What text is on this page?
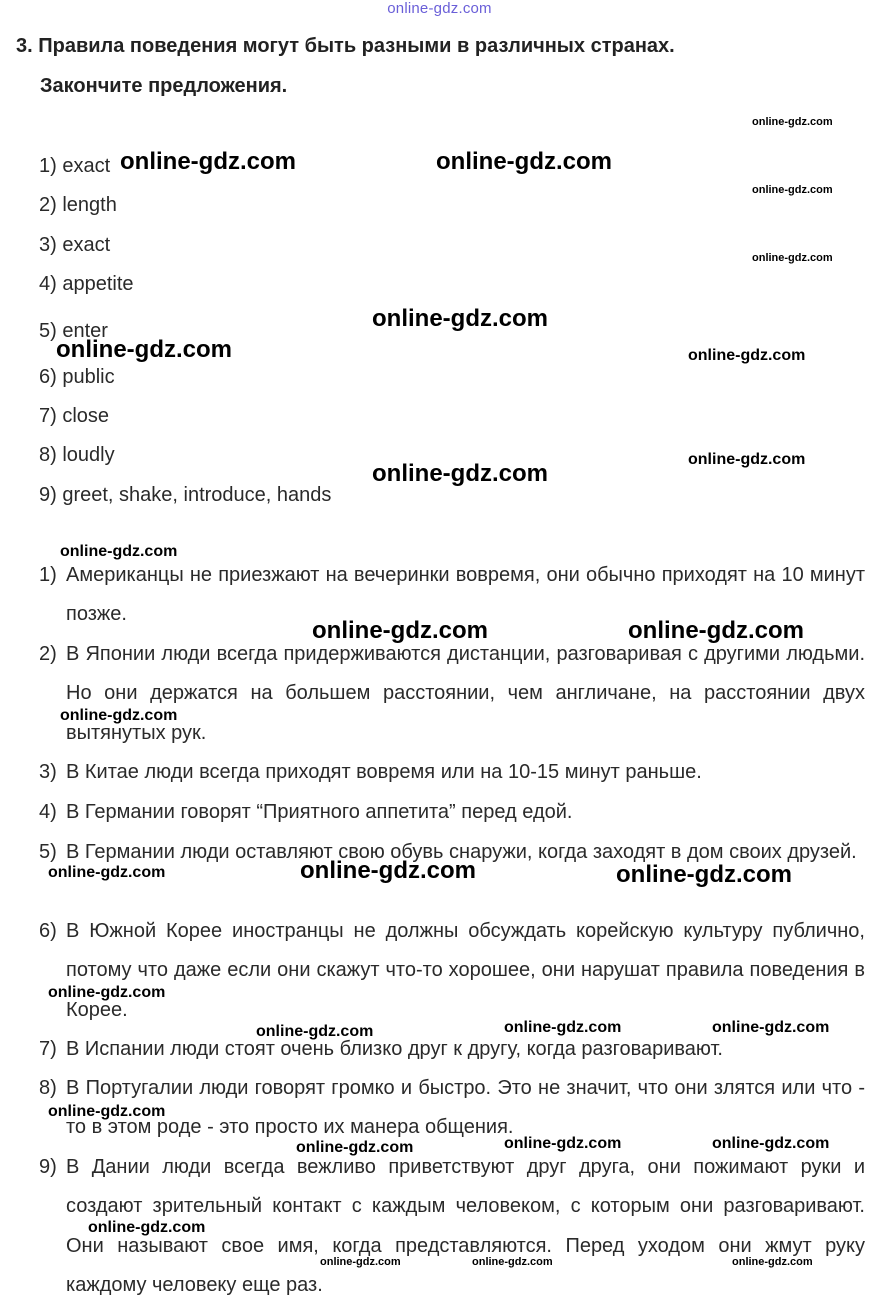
online-gdz.com
3. Правила поведения могут быть разными в различных странах.
Закончите предложения.
1) exact
2) length
3) exact
4) appetite
5) enter
6) public
7) close
8) loudly
9) greet, shake, introduce, hands
1) Американцы не приезжают на вечеринки вовремя, они обычно приходят на 10 минут позже.
2) В Японии люди всегда придерживаются дистанции, разговаривая с другими людьми. Но они держатся на большем расстоянии, чем англичане, на расстоянии двух вытянутых рук.
3) В Китае люди всегда приходят вовремя или на 10-15 минут раньше.
4) В Германии говорят “Приятного аппетита” перед едой.
5) В Германии люди оставляют свою обувь снаружи, когда заходят в дом своих друзей.
6) В Южной Корее иностранцы не должны обсуждать корейскую культуру публично, потому что даже если они скажут что-то хорошее, они нарушат правила поведения в Корее.
7) В Испании люди стоят очень близко друг к другу, когда разговаривают.
8) В Португалии люди говорят громко и быстро. Это не значит, что они злятся или что - то в этом роде - это просто их манера общения.
9) В Дании люди всегда вежливо приветствуют друг друга, они пожимают руки и создают зрительный контакт с каждым человеком, с которым они разговаривают. Они называют свое имя, когда представляются. Перед уходом они жмут руку каждому человеку еще раз.
online-gdz.com	online-gdz.com
online-gdz.com
online-gdz.com
online-gdz.com
online-gdz.com	online-gdz.com
online-gdz.com	online-gdz.com
online-gdz.com
online-gdz.com
online-gdz.com
online-gdz.com
online-gdz.com
online-gdz.com
online-gdz.com	online-gdz.com	online-gdz.com
online-gdz.com
online-gdz.com	online-gdz.com	online-gdz.com
online-gdz.com
online-gdz.com
online-gdz.com
online-gdz.com
online-gdz.com	online-gdz.com	online-gdz.com
